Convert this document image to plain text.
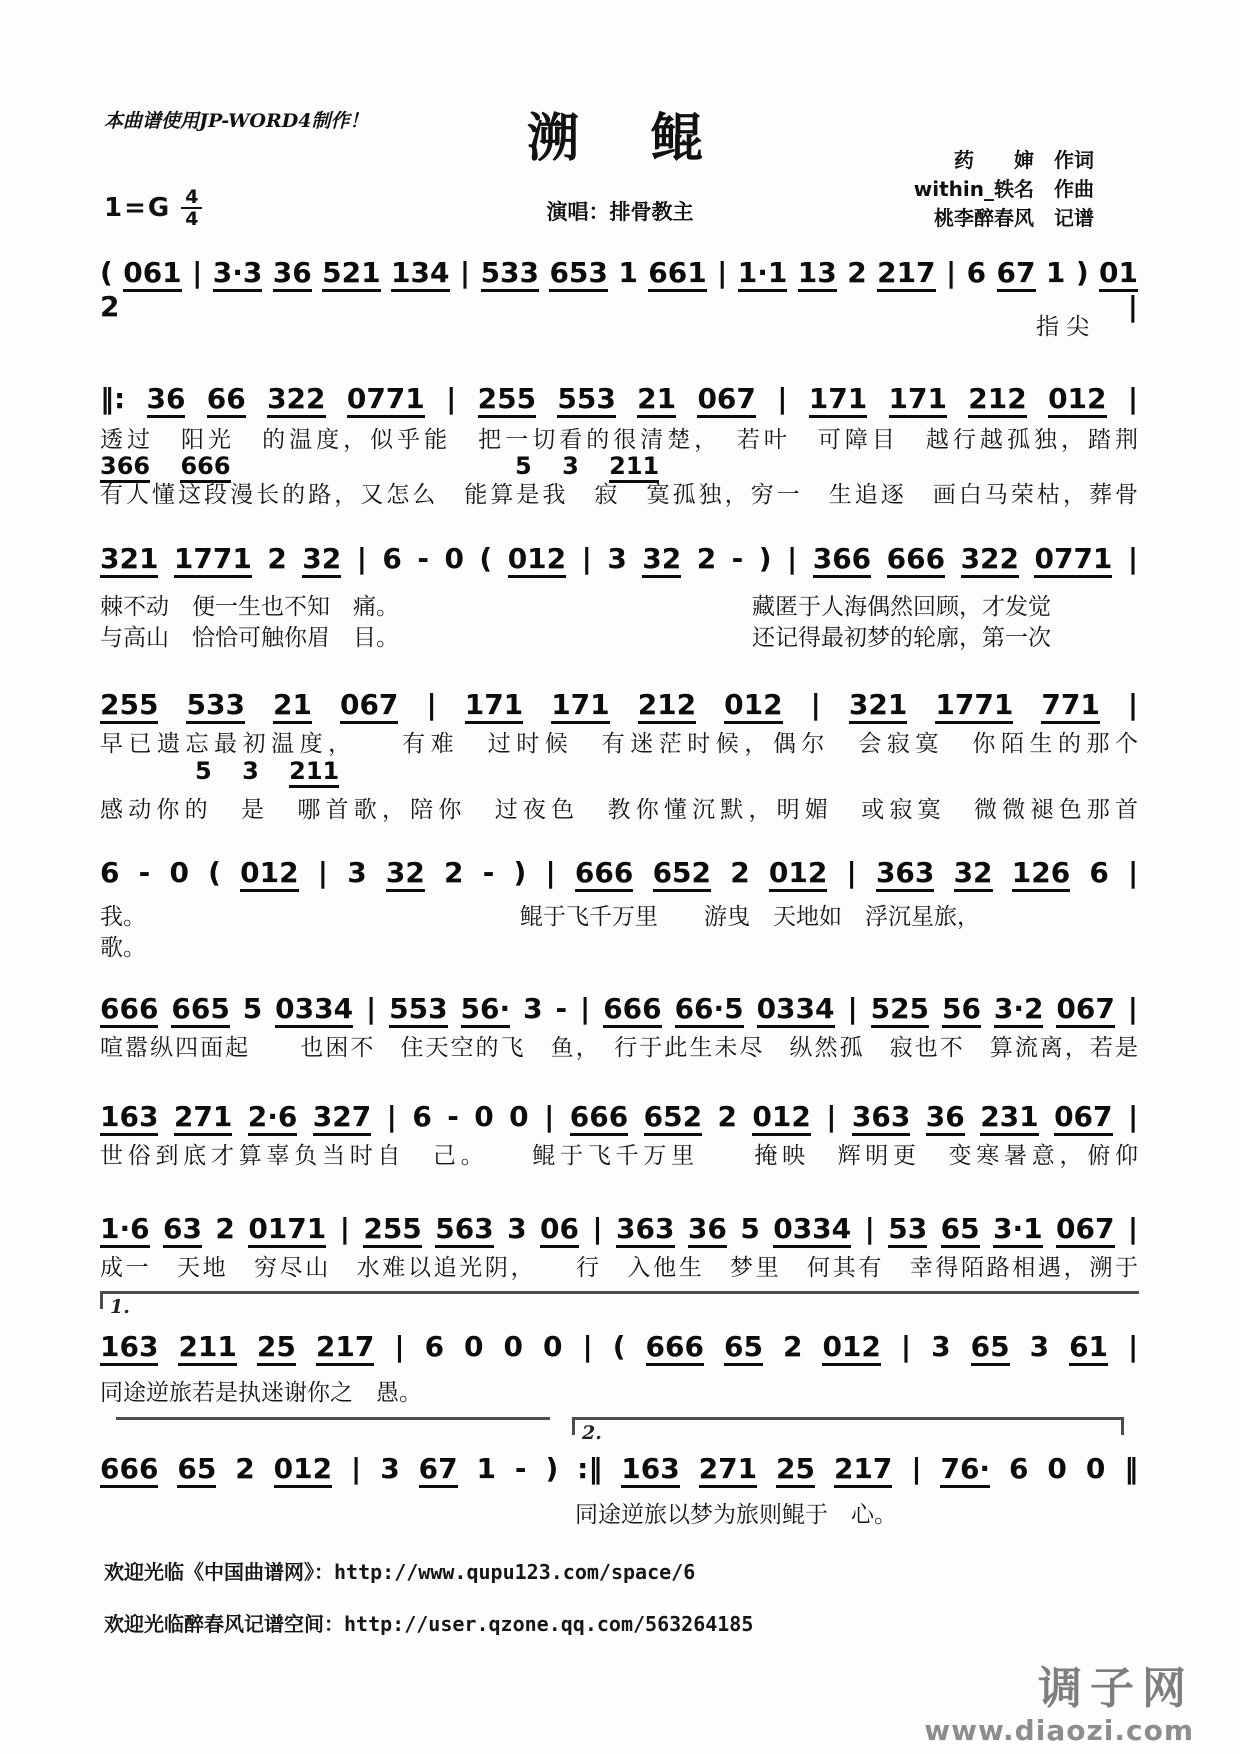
本曲谱使用JP-WORD4制作！	溯　鲲	药　　婶　作词
within_轶名　作曲
桃李醉春风　记谱
$1=G \frac{4}{4}$	演唱：排骨教主
( 061 | 3·3 36 521 134 | 533 653 1 661 | 1·1 13 2 217 | 6 67 1 ) 01 2	|
指 尖
‖: 36 66 322 0771 | 255 553 21 067 | 171 171 212 012 |
透过　阳光　的温度，似乎能　把一切看的很清楚，　若叶　可障目　越行越孤独，踏荆
366 666	5 3 211
有人懂这段漫长的路，又怎么　能算是我　寂　寞孤独，穷一　生追逐　画白马荣枯，葬骨
321 1771 2 32 | 6 - 0 ( 012 | 3 32 2 - ) | 366 666 322 0771 |
棘不动　便一生也不知　痛。	藏匿于人海偶然回顾，才发觉
与高山　恰恰可触你眉　目。	还记得最初梦的轮廓，第一次
255 533 21 067 | 171 171 212 012 | 321 1771 771 |
早已遗忘最初温度，　　有难　过时候　有迷茫时候，偶尔　会寂寞　你陌生的那个
5 3 211
感动你的　是　哪首歌，陪你　过夜色　教你懂沉默，明媚　或寂寞　微微褪色那首
6 - 0 ( 012 | 3 32 2 - ) | 666 652 2 012 | 363 32 126 6 |
我。	鲲于飞千万里　　游曳　天地如　浮沉星旅，
歌。
666 665 5 0334 | 553 56· 3 - | 666 66·5 0334 | 525 56 3·2 067 |
喧嚣纵四面起　　也困不　住天空的飞　鱼，　行于此生未尽　纵然孤　寂也不　算流离，若是
163 271 2·6 327 | 6 - 0 0 | 666 652 2 012 | 363 36 231 067 |
世俗到底才算辜负当时自　己。　　鲲于飞千万里　　掩映　辉明更　变寒暑意，俯仰
1·6 63 2 0171 | 255 563 3 06 | 363 36 5 0334 | 53 65 3·1 067 |
成一　天地　穷尽山　水难以追光阴，　　行　入他生　梦里　何其有　幸得陌路相遇，溯于
1.
163 211 25 217 | 6 0 0 0 | ( 666 65 2 012 | 3 65 3 61 |
同途逆旅若是执迷谢你之　愚。
2.
666 65 2 012 | 3 67 1 - ) :‖ 163 271 25 217 | 76· 6 0 0 ‖
同途逆旅以梦为旅则鲲于　心。
欢迎光临《中国曲谱网》：http://www.qupu123.com/space/6
欢迎光临醉春风记谱空间：http://user.qzone.qq.com/563264185
调子网
www.diaozi.com
